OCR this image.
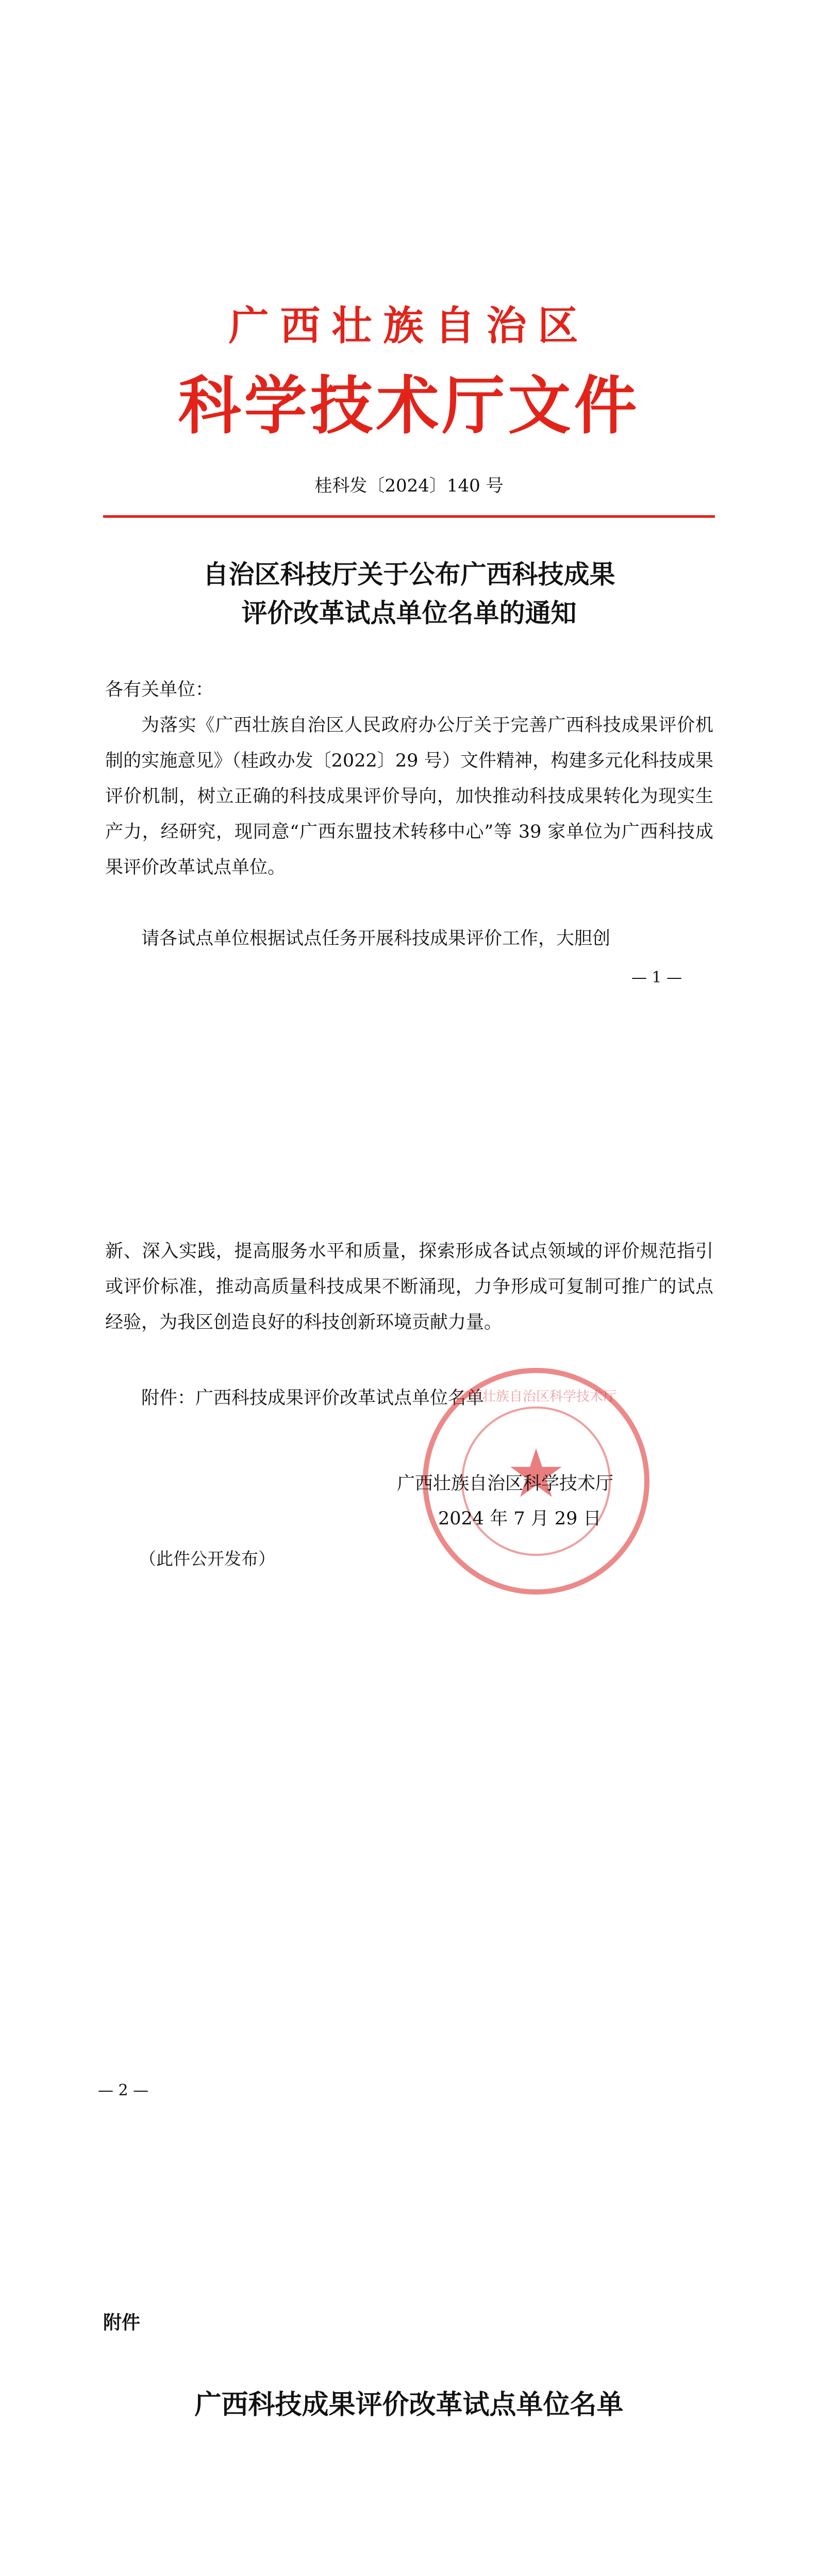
广西壮族自治区
科学技术厅文件
桂科发〔2024〕140 号
自治区科技厅关于公布广西科技成果
评价改革试点单位名单的通知
各有关单位：
为落实《广西壮族自治区人民政府办公厅关于完善广西科技成果评价机制的实施意见》（桂政办发〔2022〕29 号）文件精神，构建多元化科技成果评价机制，树立正确的科技成果评价导向，加快推动科技成果转化为现实生产力，经研究，现同意“广西东盟技术转移中心”等 39 家单位为广西科技成果评价改革试点单位。
请各试点单位根据试点任务开展科技成果评价工作，大胆创
— 1 —
新、深入实践，提高服务水平和质量，探索形成各试点领域的评价规范指引或评价标准，推动高质量科技成果不断涌现，力争形成可复制可推广的试点经验，为我区创造良好的科技创新环境贡献力量。
附件：广西科技成果评价改革试点单位名单
广西壮族自治区科学技术厅
★
广西壮族自治区科学技术厅
2024 年 7 月 29 日
（此件公开发布）
— 2 —
附件
广西科技成果评价改革试点单位名单
